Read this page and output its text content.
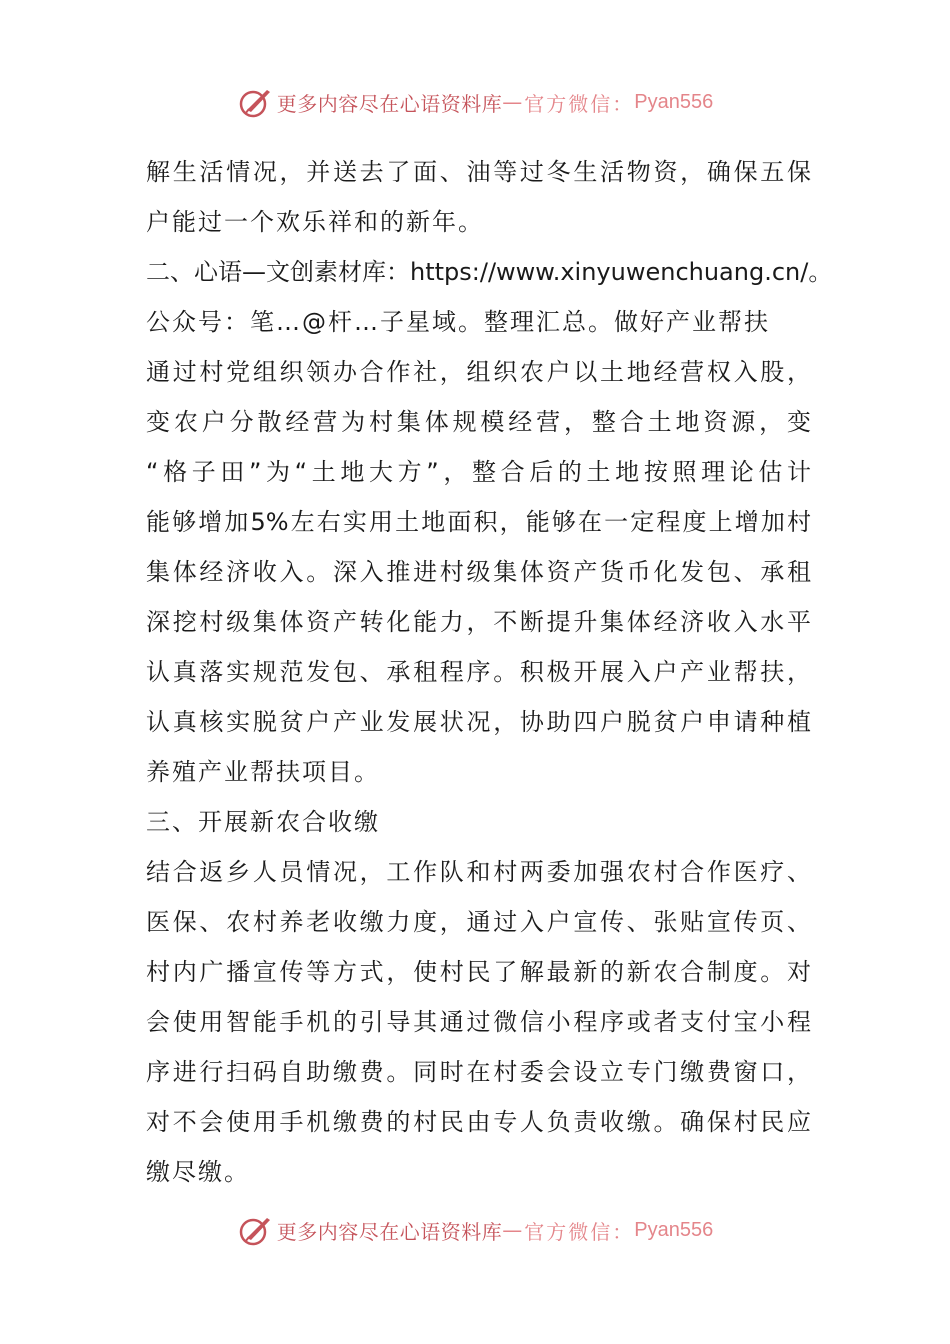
更多内容尽在心语资料库 — 官方微信： Pyan556
解生活情况，并送去了面、油等过冬生活物资，确保五保
户能过一个欢乐祥和的新年。
二、心语—文创素材库：https://www.xinyuwenchuang.cn/。
公众号：笔…@杆…子星域。整理汇总。做好产业帮扶
通过村党组织领办合作社，组织农户以土地经营权入股，
变农户分散经营为村集体规模经营，整合土地资源，变
“格子田”为“土地大方”，整合后的土地按照理论估计
能够增加5%左右实用土地面积，能够在一定程度上增加村
集体经济收入。深入推进村级集体资产货币化发包、承租
深挖村级集体资产转化能力，不断提升集体经济收入水平
认真落实规范发包、承租程序。积极开展入户产业帮扶，
认真核实脱贫户产业发展状况，协助四户脱贫户申请种植
养殖产业帮扶项目。
三、开展新农合收缴
结合返乡人员情况，工作队和村两委加强农村合作医疗、
医保、农村养老收缴力度，通过入户宣传、张贴宣传页、
村内广播宣传等方式，使村民了解最新的新农合制度。对
会使用智能手机的引导其通过微信小程序或者支付宝小程
序进行扫码自助缴费。同时在村委会设立专门缴费窗口，
对不会使用手机缴费的村民由专人负责收缴。确保村民应
缴尽缴。
更多内容尽在心语资料库 — 官方微信： Pyan556
